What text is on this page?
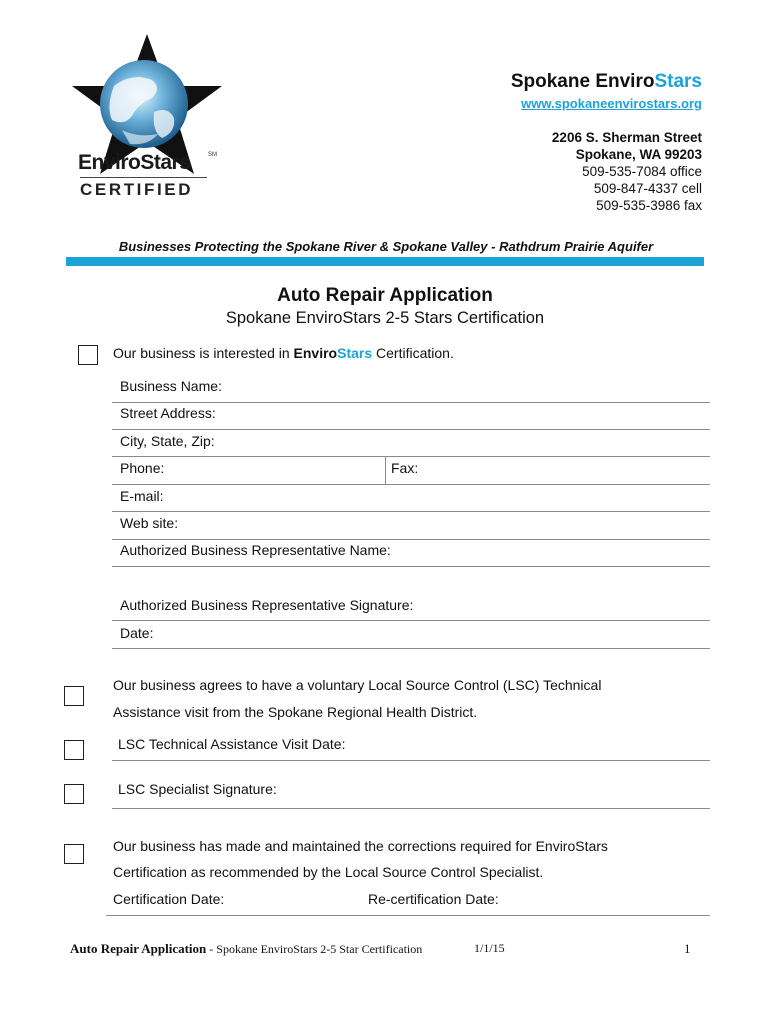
EnviroStars	SM
CERTIFIED
Spokane EnviroStars
www.spokaneenvirostars.org
2206 S. Sherman Street
Spokane, WA 99203
509-535-7084 office
509-847-4337 cell
509-535-3986 fax
Businesses Protecting the Spokane River & Spokane Valley - Rathdrum Prairie Aquifer
Auto Repair Application
Spokane EnviroStars 2-5 Stars Certification
Our business is interested in EnviroStars Certification.
Business Name:
Street Address:
City, State, Zip:
Phone:	Fax:
E-mail:
Web site:
Authorized Business Representative Name:
Authorized Business Representative Signature:
Date:
Our business agrees to have a voluntary Local Source Control (LSC) Technical
Assistance visit from the Spokane Regional Health District.
LSC Technical Assistance Visit Date:
LSC Specialist Signature:
Our business has made and maintained the corrections required for EnviroStars
Certification as recommended by the Local Source Control Specialist.
Certification Date:	Re-certification Date:
Auto Repair Application - Spokane EnviroStars 2-5 Star Certification	1/1/15	1
